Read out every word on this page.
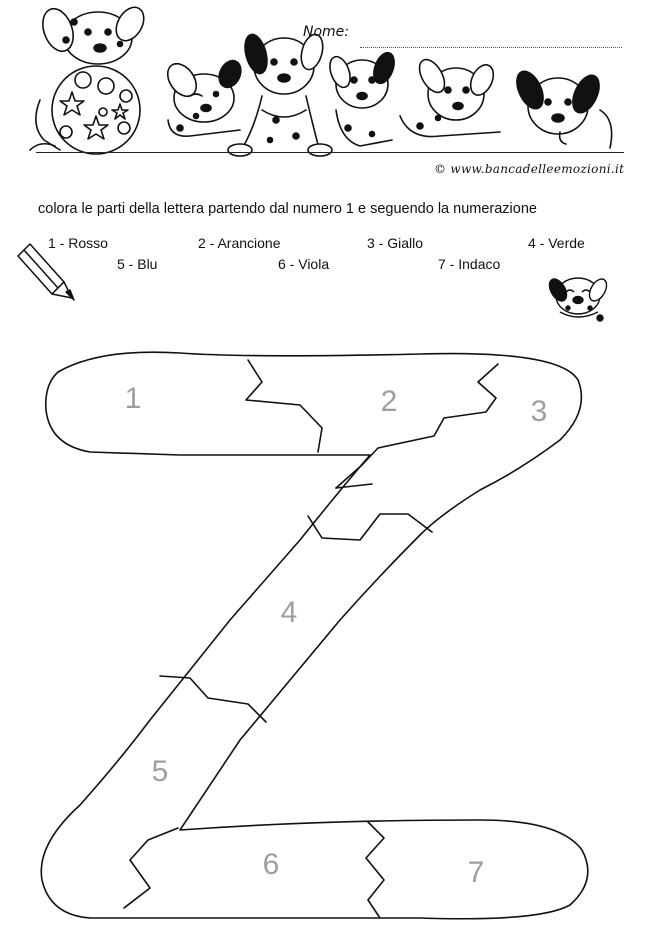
Nome:
© www.bancadelleemozioni.it
colora le parti della lettera partendo dal numero 1 e seguendo la numerazione
1 - Rosso	2 - Arancione	3 - Giallo	4 - Verde
5 - Blu	6 - Viola	7 - Indaco
1	2	3
4
5
6	7
